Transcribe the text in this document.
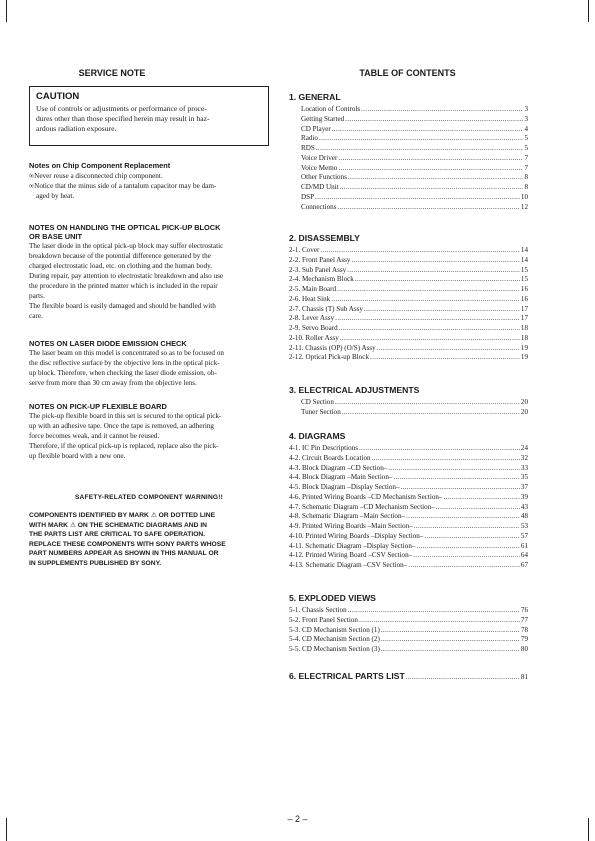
SERVICE NOTE
CAUTION
Use of controls or adjustments or performance of proce-
dures other than those specified herein may result in haz-
ardous radiation exposure.
Notes on Chip Component Replacement
∞Never reuse a disconnected chip component.
∞Notice that the minus side of a tantalum capacitor may be dam-
aged by heat.
NOTES ON HANDLING THE OPTICAL PICK-UP BLOCK
OR BASE UNIT
The laser diode in the optical pick-up block may suffer electrostatic
breakdown because of the potential difference generated by the
charged electrostatic load, etc. on clothing and the human body.
During repair, pay attention to electrostatic breakdown and also use
the procedure in the printed matter which is included in the repair
parts.
The flexible board is easily damaged and should be handled with
care.
NOTES ON LASER DIODE EMISSION CHECK
The laser beam on this model is concentrated so as to be focused on
the disc reflective surface by the objective lens in the optical pick-
up block. Therefore, when checking the laser diode emission, ob-
serve from more than 30 cm away from the objective lens.
NOTES ON PICK-UP FLEXIBLE BOARD
The pick-up flexible board in this set is secured to the optical pick-
up with an adhesive tape. Once the tape is removed, an adhering
force becomes weak, and it cannot be reused.
Therefore, if the optical pick-up is replaced, replace also the pick-
up flexible board with a new one.
SAFETY-RELATED COMPONENT WARNING!!
COMPONENTS IDENTIFIED BY MARK ⚠ OR DOTTED LINE
WITH MARK ⚠ ON THE SCHEMATIC DIAGRAMS AND IN
THE PARTS LIST ARE CRITICAL TO SAFE OPERATION.
REPLACE THESE COMPONENTS WITH SONY PARTS WHOSE
PART NUMBERS APPEAR AS SHOWN IN THIS MANUAL OR
IN SUPPLEMENTS PUBLISHED BY SONY.
TABLE OF CONTENTS
1. GENERAL
Location of Controls .....	3
Getting Started .....	3
CD Player .....	4
Radio .....	5
RDS .....	5
Voice Driver .....	7
Voice Memo .....	7
Other Functions .....	8
CD/MD Unit .....	8
DSP .....	10
Connections .....	12
2. DISASSEMBLY
2-1. Cover .....	14
2-2. Front Panel Assy .....	14
2-3. Sub Panel Assy .....	15
2-4. Mechanism Block .....	15
2-5. Main Board .....	16
2-6. Heat Sink .....	16
2-7. Chassis (T) Sub Assy .....	17
2-8. Lever Assy .....	17
2-9. Servo Board .....	18
2-10. Roller Assy .....	18
2-11. Chassis (OP) (O/S) Assy .....	19
2-12. Optical Pick-up Block .....	19
3. ELECTRICAL ADJUSTMENTS
CD Section .....	20
Tuner Section .....	20
4. DIAGRAMS
4-1. IC Pin Descriptions .....	24
4-2. Circuit Boards Location .....	32
4-3. Block Diagram –CD Section– .....	33
4-4. Block Diagram –Main Section– .....	35
4-5. Block Diagram –Display Section– .....	37
4-6. Printed Wiring Boards –CD Mechanism Section– .....	39
4-7. Schematic Diagram –CD Mechanism Section– .....	43
4-8. Schematic Diagram –Main Section– .....	48
4-9. Printed Wiring Boards –Main Section– .....	53
4-10. Printed Wiring Boards –Display Section– .....	57
4-11. Schematic Diagram –Display Section– .....	61
4-12. Printed Wiring Board –CSV Section– .....	64
4-13. Schematic Diagram –CSV Section– .....	67
5. EXPLODED VIEWS
5-1. Chassis Section .....	76
5-2. Front Panel Section .....	77
5-3. CD Mechanism Section (1) .....	78
5-4. CD Mechanism Section (2) .....	79
5-5. CD Mechanism Section (3) .....	80
6. ELECTRICAL PARTS LIST .....	81
– 2 –
